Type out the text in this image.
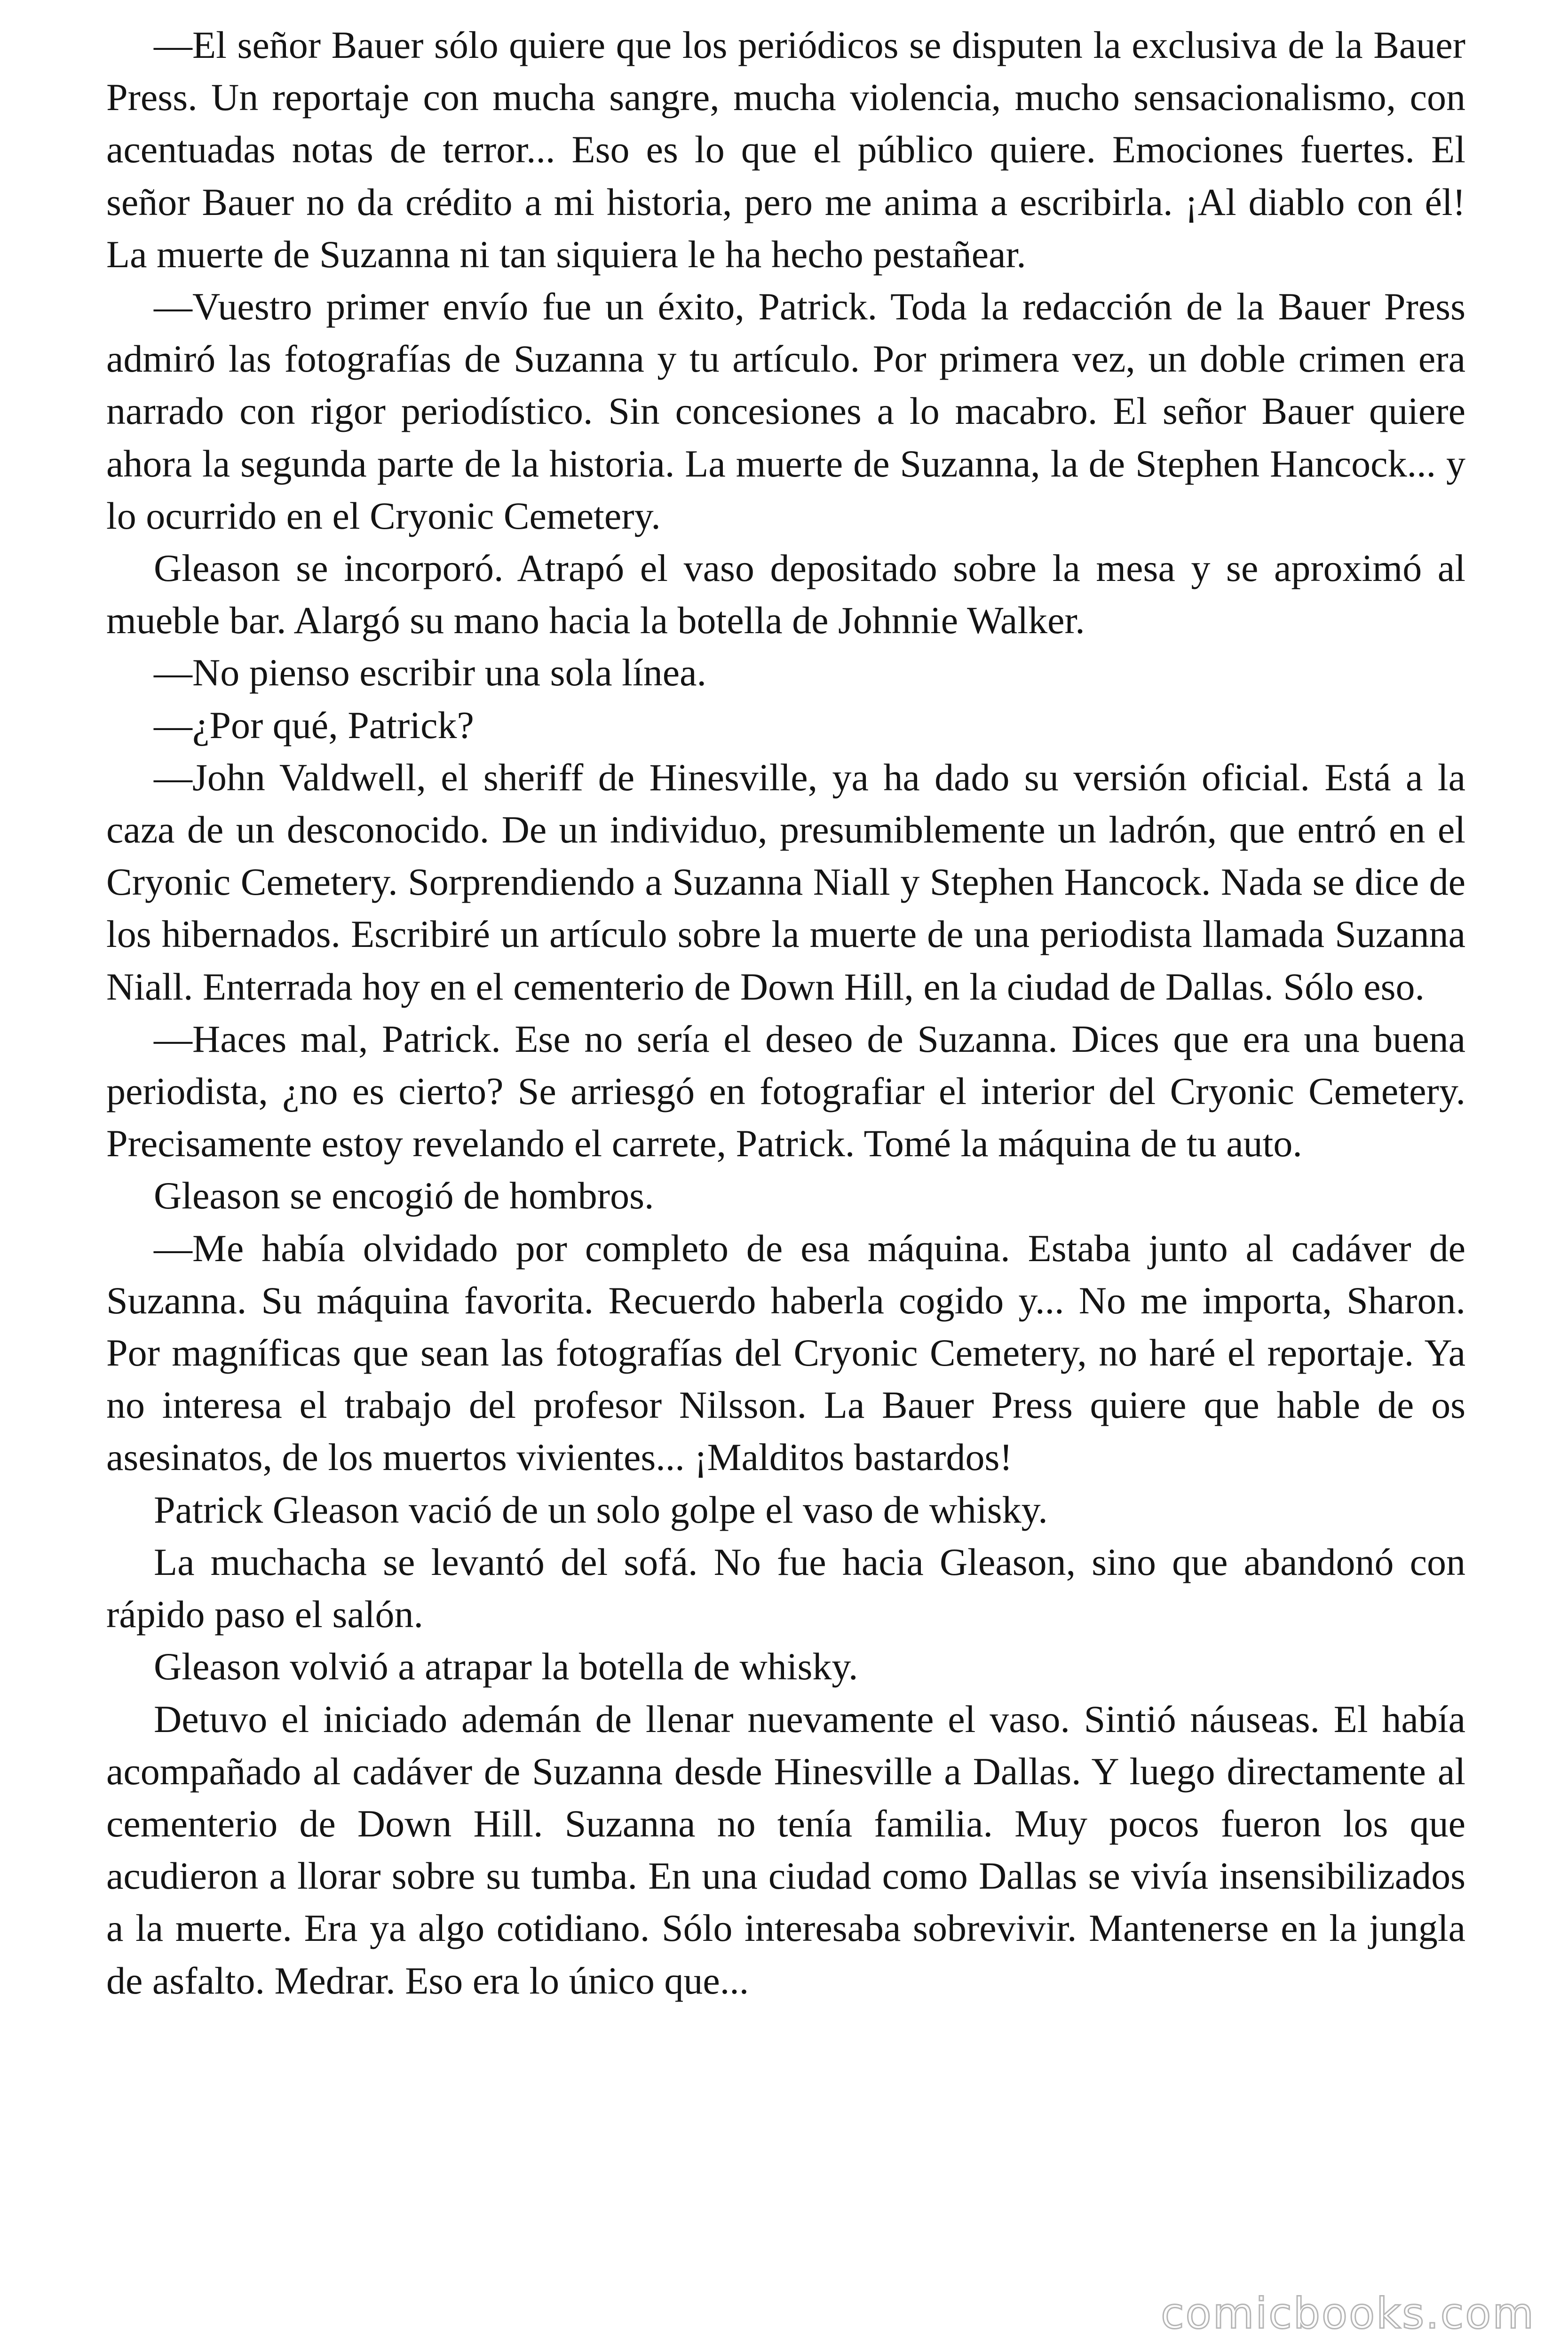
—El señor Bauer sólo quiere que los periódicos se disputen la exclusiva de la Bauer Press. Un reportaje con mucha sangre, mucha violencia, mucho sensacionalismo, con acentuadas notas de terror... Eso es lo que el público quiere. Emociones fuertes. El señor Bauer no da crédito a mi historia, pero me anima a escribirla. ¡Al diablo con él! La muerte de Suzanna ni tan siquiera le ha hecho pestañear.

—Vuestro primer envío fue un éxito, Patrick. Toda la redacción de la Bauer Press admiró las fotografías de Suzanna y tu artículo. Por primera vez, un doble crimen era narrado con rigor periodístico. Sin concesiones a lo macabro. El señor Bauer quiere ahora la segunda parte de la historia. La muerte de Suzanna, la de Stephen Hancock... y lo ocurrido en el Cryonic Cemetery.

Gleason se incorporó. Atrapó el vaso depositado sobre la mesa y se aproximó al mueble bar. Alargó su mano hacia la botella de Johnnie Walker.

—No pienso escribir una sola línea.

—¿Por qué, Patrick?

—John Valdwell, el sheriff de Hinesville, ya ha dado su versión oficial. Está a la caza de un desconocido. De un individuo, presumiblemente un ladrón, que entró en el Cryonic Cemetery. Sorprendiendo a Suzanna Niall y Stephen Hancock. Nada se dice de los hibernados. Escribiré un artículo sobre la muerte de una periodista llamada Suzanna Niall. Enterrada hoy en el cementerio de Down Hill, en la ciudad de Dallas. Sólo eso.

—Haces mal, Patrick. Ese no sería el deseo de Suzanna. Dices que era una buena periodista, ¿no es cierto? Se arriesgó en fotografiar el interior del Cryonic Cemetery. Precisamente estoy revelando el carrete, Patrick. Tomé la máquina de tu auto.

Gleason se encogió de hombros.

—Me había olvidado por completo de esa máquina. Estaba junto al cadáver de Suzanna. Su máquina favorita. Recuerdo haberla cogido y... No me importa, Sharon. Por magníficas que sean las fotografías del Cryonic Cemetery, no haré el reportaje. Ya no interesa el trabajo del profesor Nilsson. La Bauer Press quiere que hable de os asesinatos, de los muertos vivientes... ¡Malditos bastardos!

Patrick Gleason vació de un solo golpe el vaso de whisky.

La muchacha se levantó del sofá. No fue hacia Gleason, sino que abandonó con rápido paso el salón.

Gleason volvió a atrapar la botella de whisky.

Detuvo el iniciado ademán de llenar nuevamente el vaso. Sintió náuseas. El había acompañado al cadáver de Suzanna desde Hinesville a Dallas. Y luego directamente al cementerio de Down Hill. Suzanna no tenía familia. Muy pocos fueron los que acudieron a llorar sobre su tumba. En una ciudad como Dallas se vivía insensibilizados a la muerte. Era ya algo cotidiano. Sólo interesaba sobrevivir. Mantenerse en la jungla de asfalto. Medrar. Eso era lo único que...

comicbooks.com
